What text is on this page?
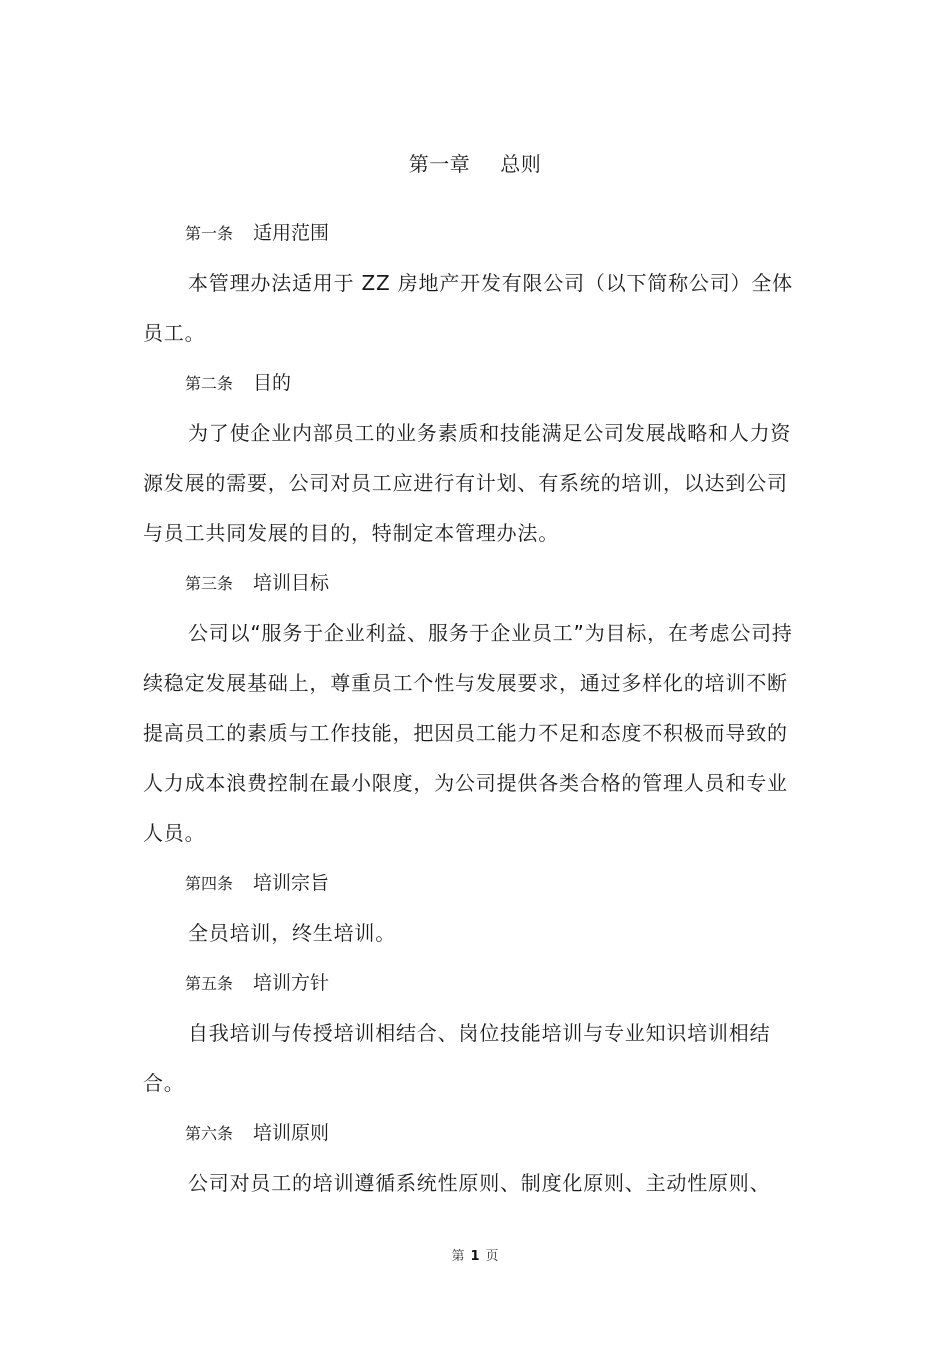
第一章 总则
第一条 适用范围

本管理办法适用于 ZZ 房地产开发有限公司（以下简称公司）全体员工。

第二条 目的

为了使企业内部员工的业务素质和技能满足公司发展战略和人力资源发展的需要，公司对员工应进行有计划、有系统的培训，以达到公司与员工共同发展的目的，特制定本管理办法。

第三条 培训目标

公司以“服务于企业利益、服务于企业员工”为目标，在考虑公司持续稳定发展基础上，尊重员工个性与发展要求，通过多样化的培训不断提高员工的素质与工作技能，把因员工能力不足和态度不积极而导致的人力成本浪费控制在最小限度，为公司提供各类合格的管理人员和专业人员。

第四条 培训宗旨

全员培训，终生培训。

第五条 培训方针

自我培训与传授培训相结合、岗位技能培训与专业知识培训相结合。

第六条 培训原则

公司对员工的培训遵循系统性原则、制度化原则、主动性原则、

第 1 页
